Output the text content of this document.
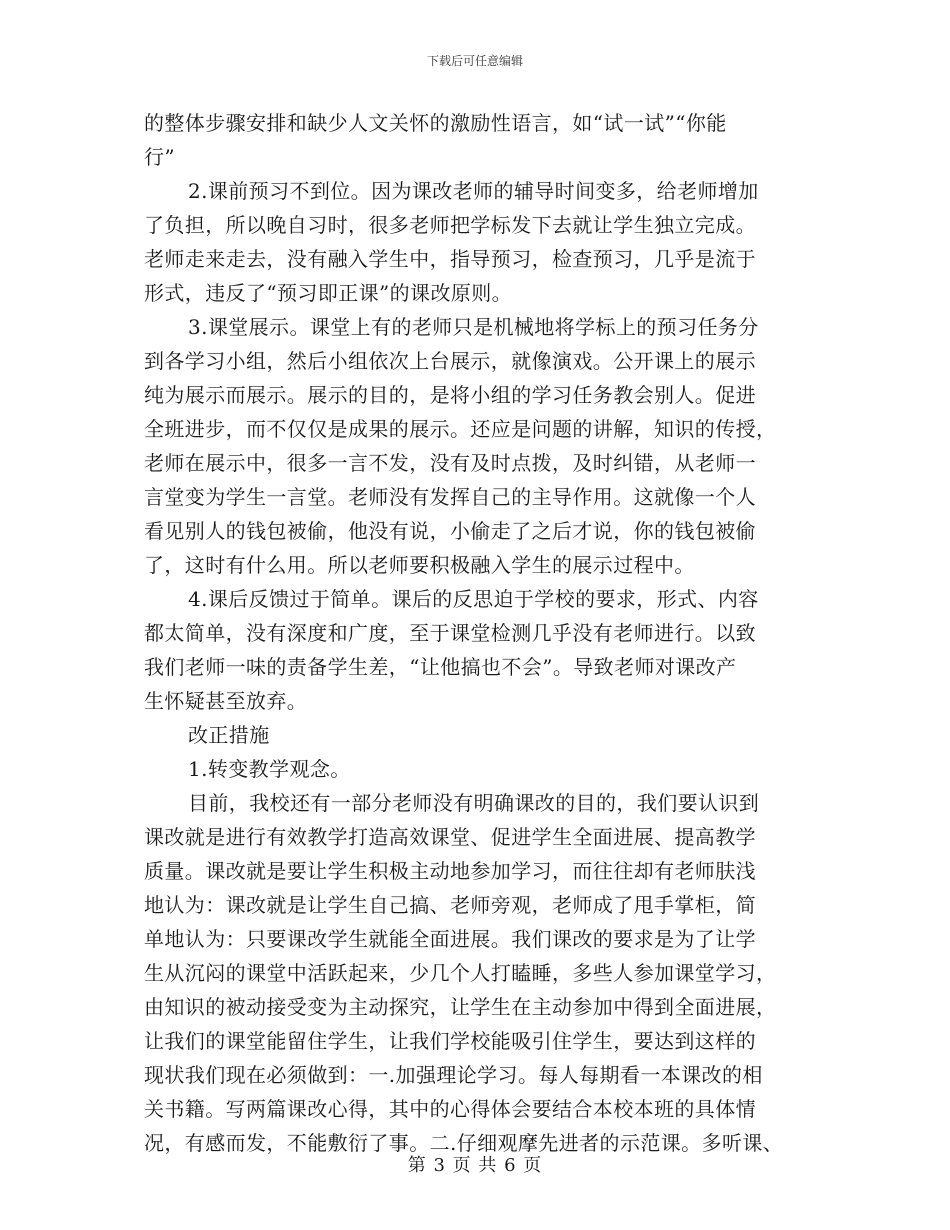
下载后可任意编辑
的整体步骤安排和缺少人文关怀的激励性语言，如“试一试”“你能
行”
2.课前预习不到位。因为课改老师的辅导时间变多，给老师增加
了负担，所以晚自习时，很多老师把学标发下去就让学生独立完成。
老师走来走去，没有融入学生中，指导预习，检查预习，几乎是流于
形式，违反了“预习即正课”的课改原则。
3.课堂展示。课堂上有的老师只是机械地将学标上的预习任务分
到各学习小组，然后小组依次上台展示，就像演戏。公开课上的展示
纯为展示而展示。展示的目的，是将小组的学习任务教会别人。促进
全班进步，而不仅仅是成果的展示。还应是问题的讲解，知识的传授，
老师在展示中，很多一言不发，没有及时点拨，及时纠错，从老师一
言堂变为学生一言堂。老师没有发挥自己的主导作用。这就像一个人
看见别人的钱包被偷，他没有说，小偷走了之后才说，你的钱包被偷
了，这时有什么用。所以老师要积极融入学生的展示过程中。
4.课后反馈过于简单。课后的反思迫于学校的要求，形式、内容
都太简单，没有深度和广度，至于课堂检测几乎没有老师进行。以致
我们老师一味的责备学生差，“让他搞也不会”。导致老师对课改产
生怀疑甚至放弃。
改正措施
1.转变教学观念。
目前，我校还有一部分老师没有明确课改的目的，我们要认识到
课改就是进行有效教学打造高效课堂、促进学生全面进展、提高教学
质量。课改就是要让学生积极主动地参加学习，而往往却有老师肤浅
地认为：课改就是让学生自己搞、老师旁观，老师成了甩手掌柜，简
单地认为：只要课改学生就能全面进展。我们课改的要求是为了让学
生从沉闷的课堂中活跃起来，少几个人打瞌睡，多些人参加课堂学习，
由知识的被动接受变为主动探究，让学生在主动参加中得到全面进展，
让我们的课堂能留住学生，让我们学校能吸引住学生，要达到这样的
现状我们现在必须做到：一.加强理论学习。每人每期看一本课改的相
关书籍。写两篇课改心得，其中的心得体会要结合本校本班的具体情
况，有感而发，不能敷衍了事。二.仔细观摩先进者的示范课。多听课、
第 3 页 共 6 页
